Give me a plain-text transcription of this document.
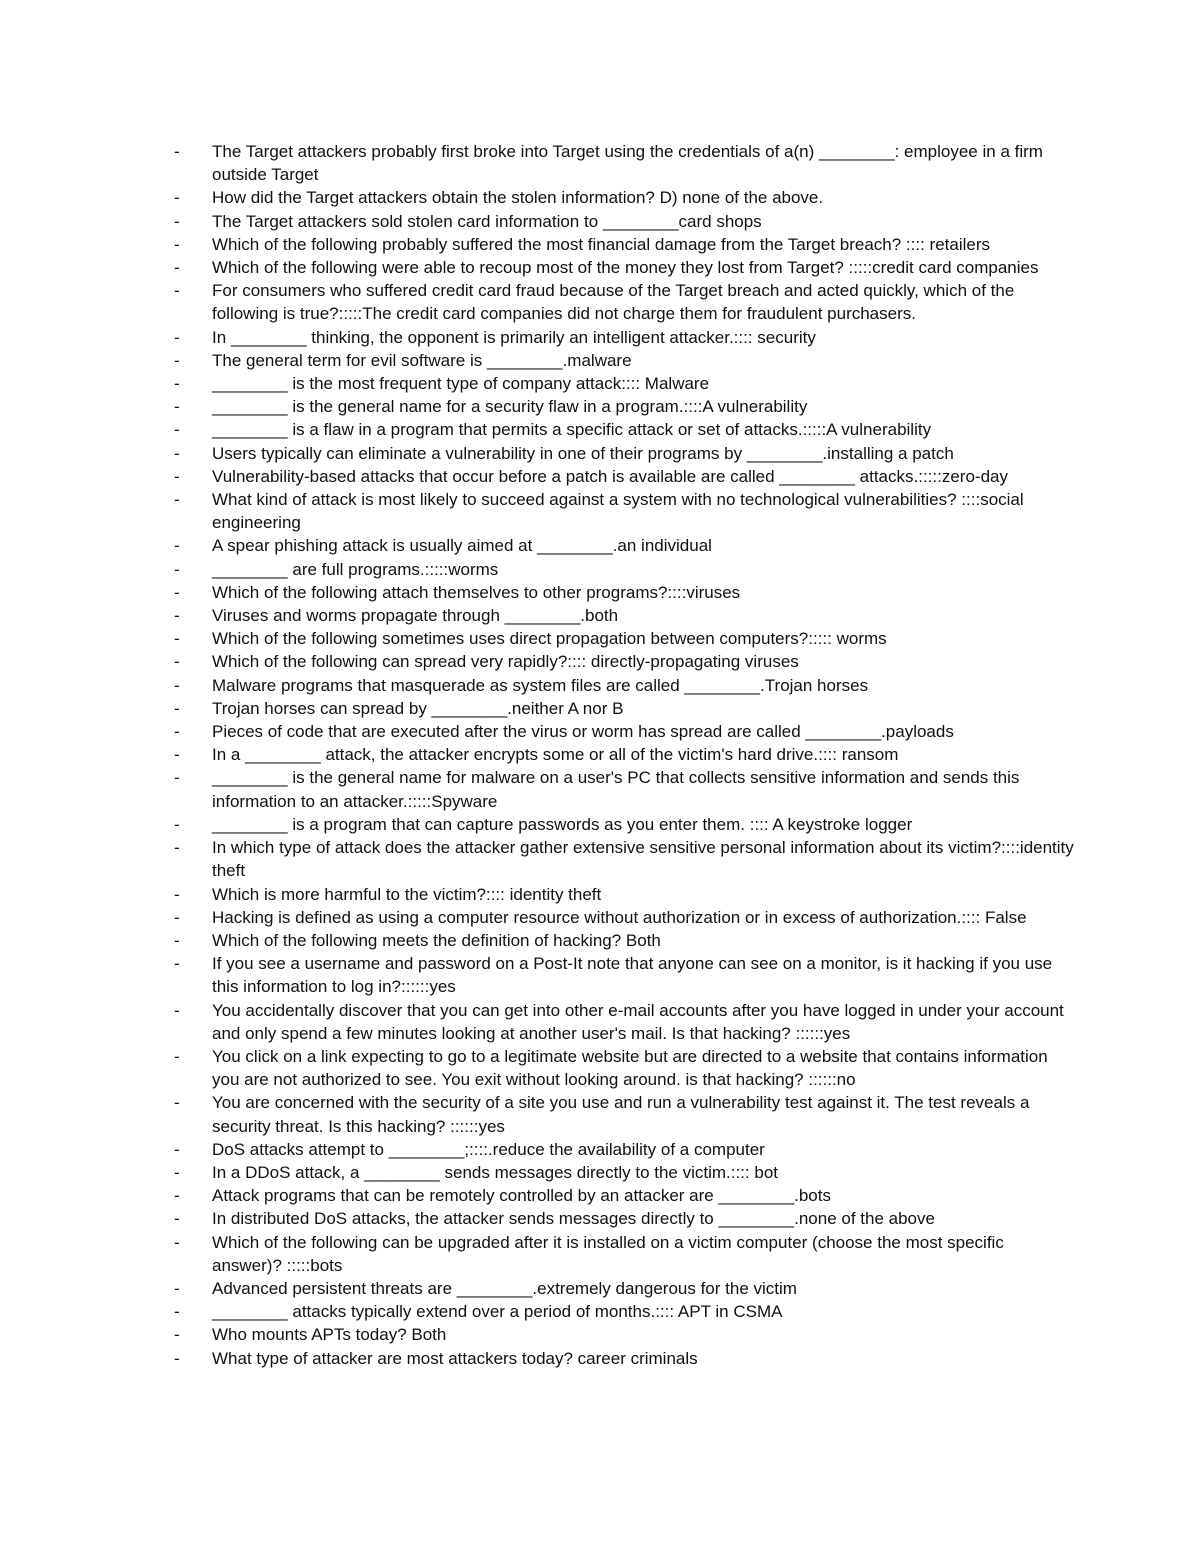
-	The Target attackers probably first broke into Target using the credentials of a(n) ________: employee in a firm outside Target
-	How did the Target attackers obtain the stolen information? D) none of the above.
-	The Target attackers sold stolen card information to ________card shops
-	Which of the following probably suffered the most financial damage from the Target breach? :::: retailers
-	Which of the following were able to recoup most of the money they lost from Target? :::::credit card companies
-	For consumers who suffered credit card fraud because of the Target breach and acted quickly, which of the following is true?:::::The credit card companies did not charge them for fraudulent purchasers.
-	In ________ thinking, the opponent is primarily an intelligent attacker.:::: security
-	The general term for evil software is ________.malware
-	________ is the most frequent type of company attack:::: Malware
-	________ is the general name for a security flaw in a program.::::A vulnerability
-	________ is a flaw in a program that permits a specific attack or set of attacks.:::::A vulnerability
-	Users typically can eliminate a vulnerability in one of their programs by ________.installing a patch
-	Vulnerability-based attacks that occur before a patch is available are called ________ attacks.:::::zero-day
-	What kind of attack is most likely to succeed against a system with no technological vulnerabilities? ::::social engineering
-	A spear phishing attack is usually aimed at ________.an individual
-	________ are full programs.:::::worms
-	Which of the following attach themselves to other programs?::::viruses
-	Viruses and worms propagate through ________.both
-	Which of the following sometimes uses direct propagation between computers?::::: worms
-	Which of the following can spread very rapidly?:::: directly-propagating viruses
-	Malware programs that masquerade as system files are called ________.Trojan horses
-	Trojan horses can spread by ________.neither A nor B
-	Pieces of code that are executed after the virus or worm has spread are called ________.payloads
-	In a ________ attack, the attacker encrypts some or all of the victim's hard drive.:::: ransom
-	________ is the general name for malware on a user's PC that collects sensitive information and sends this information to an attacker.:::::Spyware
-	________ is a program that can capture passwords as you enter them. :::: A keystroke logger
-	In which type of attack does the attacker gather extensive sensitive personal information about its victim?::::identity theft
-	Which is more harmful to the victim?:::: identity theft
-	Hacking is defined as using a computer resource without authorization or in excess of authorization.:::: False
-	Which of the following meets the definition of hacking? Both
-	If you see a username and password on a Post-It note that anyone can see on a monitor, is it hacking if you use this information to log in?::::::yes
-	You accidentally discover that you can get into other e-mail accounts after you have logged in under your account and only spend a few minutes looking at another user's mail. Is that hacking? ::::::yes
-	You click on a link expecting to go to a legitimate website but are directed to a website that contains information you are not authorized to see. You exit without looking around. is that hacking? ::::::no
-	You are concerned with the security of a site you use and run a vulnerability test against it. The test reveals a security threat. Is this hacking? ::::::yes
-	DoS attacks attempt to ________;::::.reduce the availability of a computer
-	In a DDoS attack, a ________ sends messages directly to the victim.:::: bot
-	Attack programs that can be remotely controlled by an attacker are ________.bots
-	In distributed DoS attacks, the attacker sends messages directly to ________.none of the above
-	Which of the following can be upgraded after it is installed on a victim computer (choose the most specific answer)? :::::bots
-	Advanced persistent threats are ________.extremely dangerous for the victim
-	________ attacks typically extend over a period of months.:::: APT in CSMA
-	Who mounts APTs today? Both
-	What type of attacker are most attackers today? career criminals
